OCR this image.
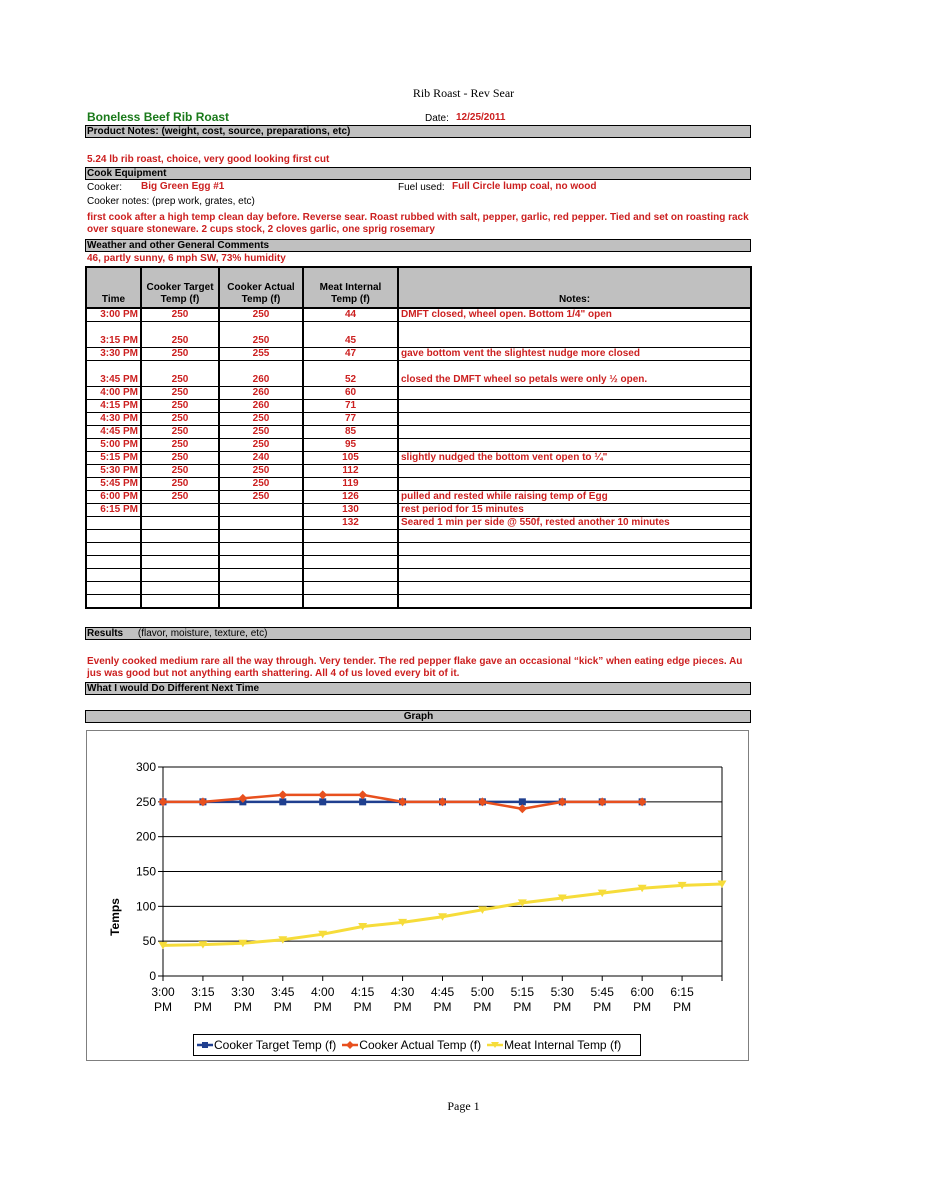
Rib Roast - Rev Sear
Boneless Beef Rib Roast	Date: 12/25/2011
Product Notes: (weight, cost, source, preparations, etc)
5.24 lb rib roast, choice, very good looking first cut
Cook Equipment
Cooker: Big Green Egg #1	Fuel used: Full Circle lump coal, no wood
Cooker notes: (prep work, grates, etc)
first cook after a high temp clean day before. Reverse sear. Roast rubbed with salt, pepper, garlic, red pepper. Tied and set on roasting rack over square stoneware. 2 cups stock, 2 cloves garlic, one sprig rosemary
Weather and other General Comments
46, partly sunny, 6 mph SW, 73% humidity
Time	Cooker Target Temp (f)	Cooker Actual Temp (f)	Meat Internal Temp (f)	Notes:
3:00 PM	250	250	44	DMFT closed, wheel open. Bottom 1/4" open
3:15 PM	250	250	45	
3:30 PM	250	255	47	gave bottom vent the slightest nudge more closed
3:45 PM	250	260	52	closed the DMFT wheel so petals were only ½ open.
4:00 PM	250	260	60	
4:15 PM	250	260	71	
4:30 PM	250	250	77	
4:45 PM	250	250	85	
5:00 PM	250	250	95	
5:15 PM	250	240	105	slightly nudged the bottom vent open to ¼"
5:30 PM	250	250	112	
5:45 PM	250	250	119	
6:00 PM	250	250	126	pulled and rested while raising temp of Egg
6:15 PM			130	rest period for 15 minutes
			132	Seared 1 min per side @ 550f, rested another 10 minutes

Results (flavor, moisture, texture, etc)
Evenly cooked medium rare all the way through. Very tender. The red pepper flake gave an occasional “kick” when eating edge pieces. Au jus was good but not anything earth shattering. All 4 of us loved every bit of it.
What I would Do Different Next Time
Graph
0
50
100
150
200
250
300
3:00 PM
3:15 PM
3:30 PM
3:45 PM
4:00 PM
4:15 PM
4:30 PM
4:45 PM
5:00 PM
5:15 PM
5:30 PM
5:45 PM
6:00 PM
6:15 PM
Temps
Cooker Target Temp (f) Cooker Actual Temp (f) Meat Internal Temp (f)
Page 1
